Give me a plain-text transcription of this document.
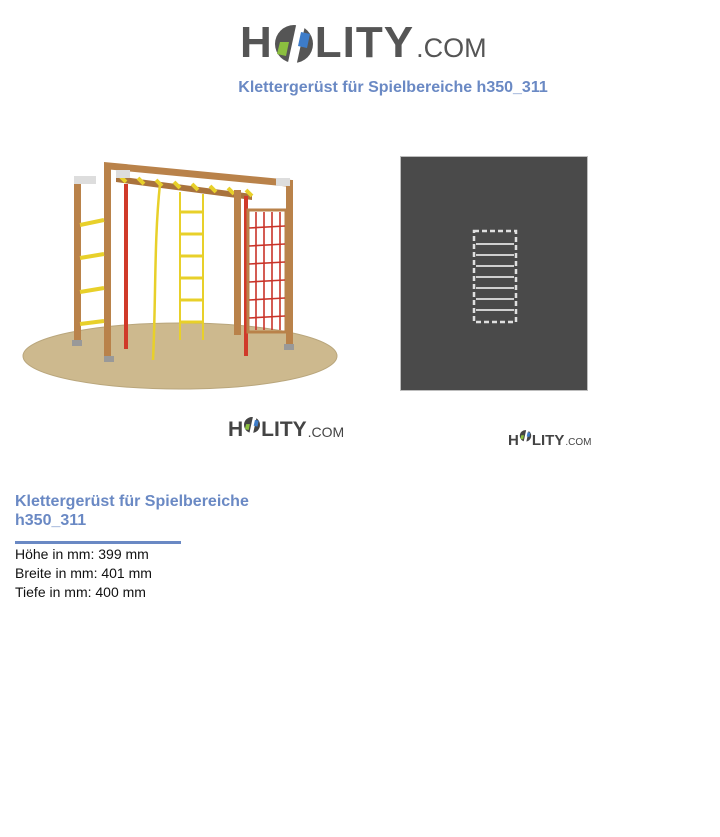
H LITY .COM
Klettergerüst für Spielbereiche h350_311
H LITY .COM	H LITY .COM
Klettergerüst für Spielbereiche h350_311
Höhe in mm: 399 mm
Breite in mm: 401 mm
Tiefe in mm: 400 mm
